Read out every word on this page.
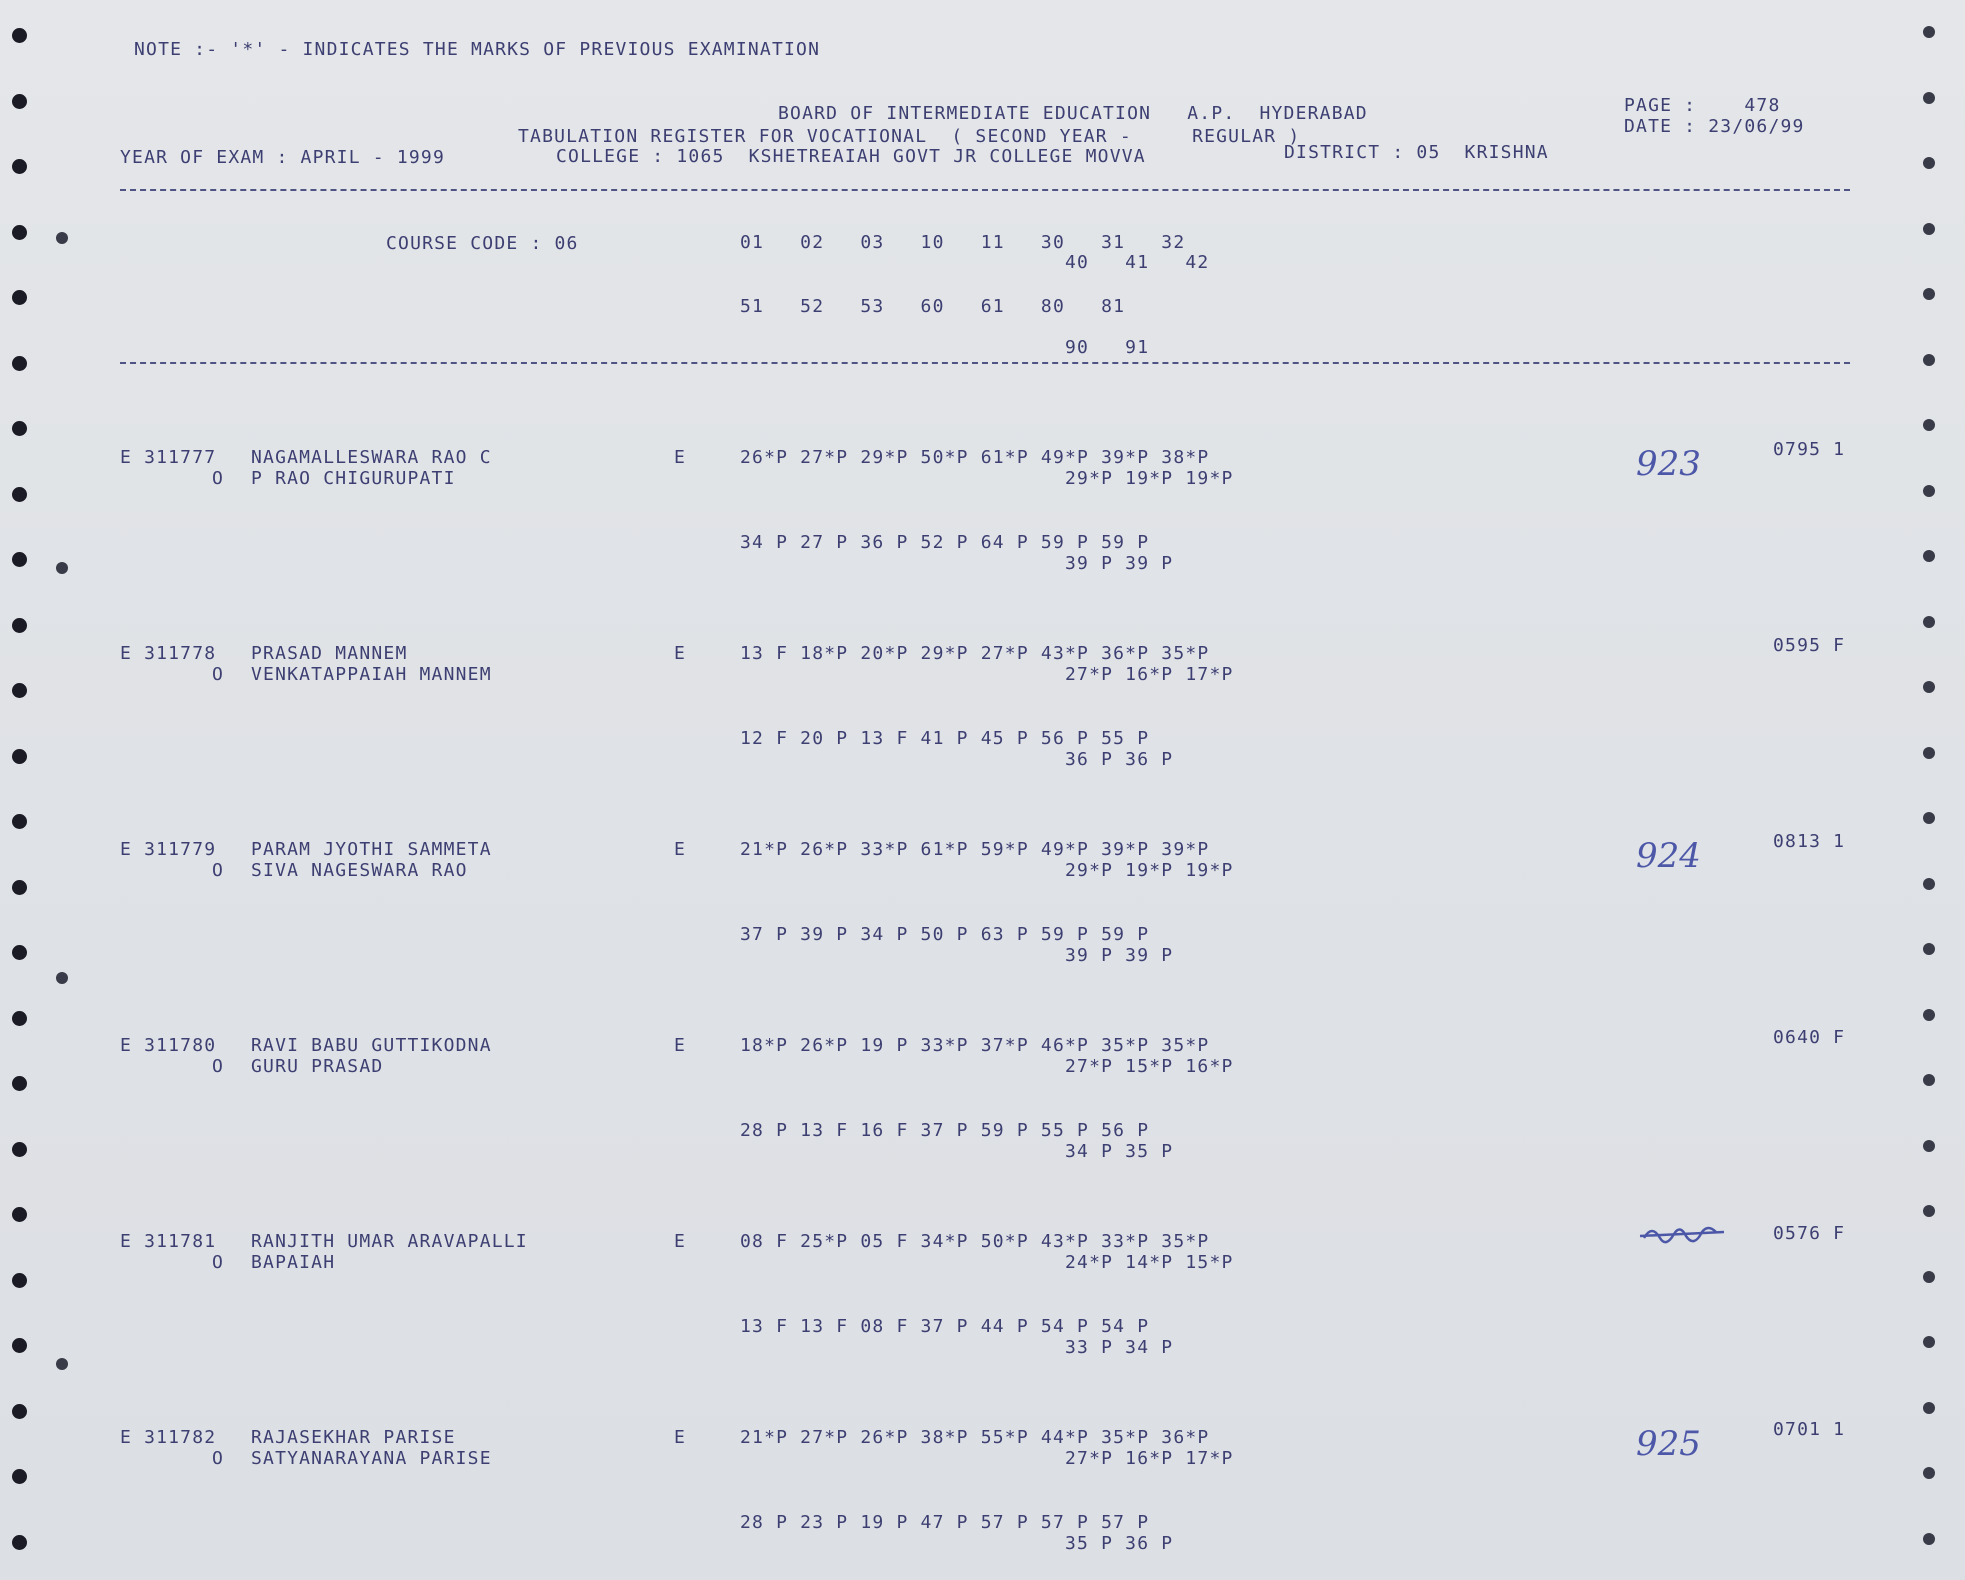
NOTE :- '*' - INDICATES THE MARKS OF PREVIOUS EXAMINATION
BOARD OF INTERMEDIATE EDUCATION   A.P.  HYDERABAD
TABULATION REGISTER FOR VOCATIONAL  ( SECOND YEAR -     REGULAR )
YEAR OF EXAM : APRIL - 1999	COLLEGE : 1065  KSHETREAIAH GOVT JR COLLEGE MOVVA	DISTRICT : 05  KRISHNA
PAGE :    478
DATE : 23/06/99
COURSE CODE : 06	01   02   03   10   11   30   31   32
40   41   42
51   52   53   60   61   80   81
90   91
E 311777 NAGAMALLESWARA RAO C
O P RAO CHIGURUPATI
E	26*P 27*P 29*P 50*P 61*P 49*P 39*P 38*P
29*P 19*P 19*P
34 P 27 P 36 P 52 P 64 P 59 P 59 P
39 P 39 P
0795 1
923
E 311778 PRASAD MANNEM
O VENKATAPPAIAH MANNEM
E	13 F 18*P 20*P 29*P 27*P 43*P 36*P 35*P
27*P 16*P 17*P
12 F 20 P 13 F 41 P 45 P 56 P 55 P
36 P 36 P
0595 F
E 311779 PARAM JYOTHI SAMMETA
O SIVA NAGESWARA RAO
E	21*P 26*P 33*P 61*P 59*P 49*P 39*P 39*P
29*P 19*P 19*P
37 P 39 P 34 P 50 P 63 P 59 P 59 P
39 P 39 P
0813 1
924
E 311780 RAVI BABU GUTTIKODNA
O GURU PRASAD
E	18*P 26*P 19 P 33*P 37*P 46*P 35*P 35*P
27*P 15*P 16*P
28 P 13 F 16 F 37 P 59 P 55 P 56 P
34 P 35 P
0640 F
E 311781 RANJITH UMAR ARAVAPALLI
O BAPAIAH
E	08 F 25*P 05 F 34*P 50*P 43*P 33*P 35*P
24*P 14*P 15*P
13 F 13 F 08 F 37 P 44 P 54 P 54 P
33 P 34 P
0576 F
E 311782 RAJASEKHAR PARISE
O SATYANARAYANA PARISE
E	21*P 27*P 26*P 38*P 55*P 44*P 35*P 36*P
27*P 16*P 17*P
28 P 23 P 19 P 47 P 57 P 57 P 57 P
35 P 36 P
0701 1
925
